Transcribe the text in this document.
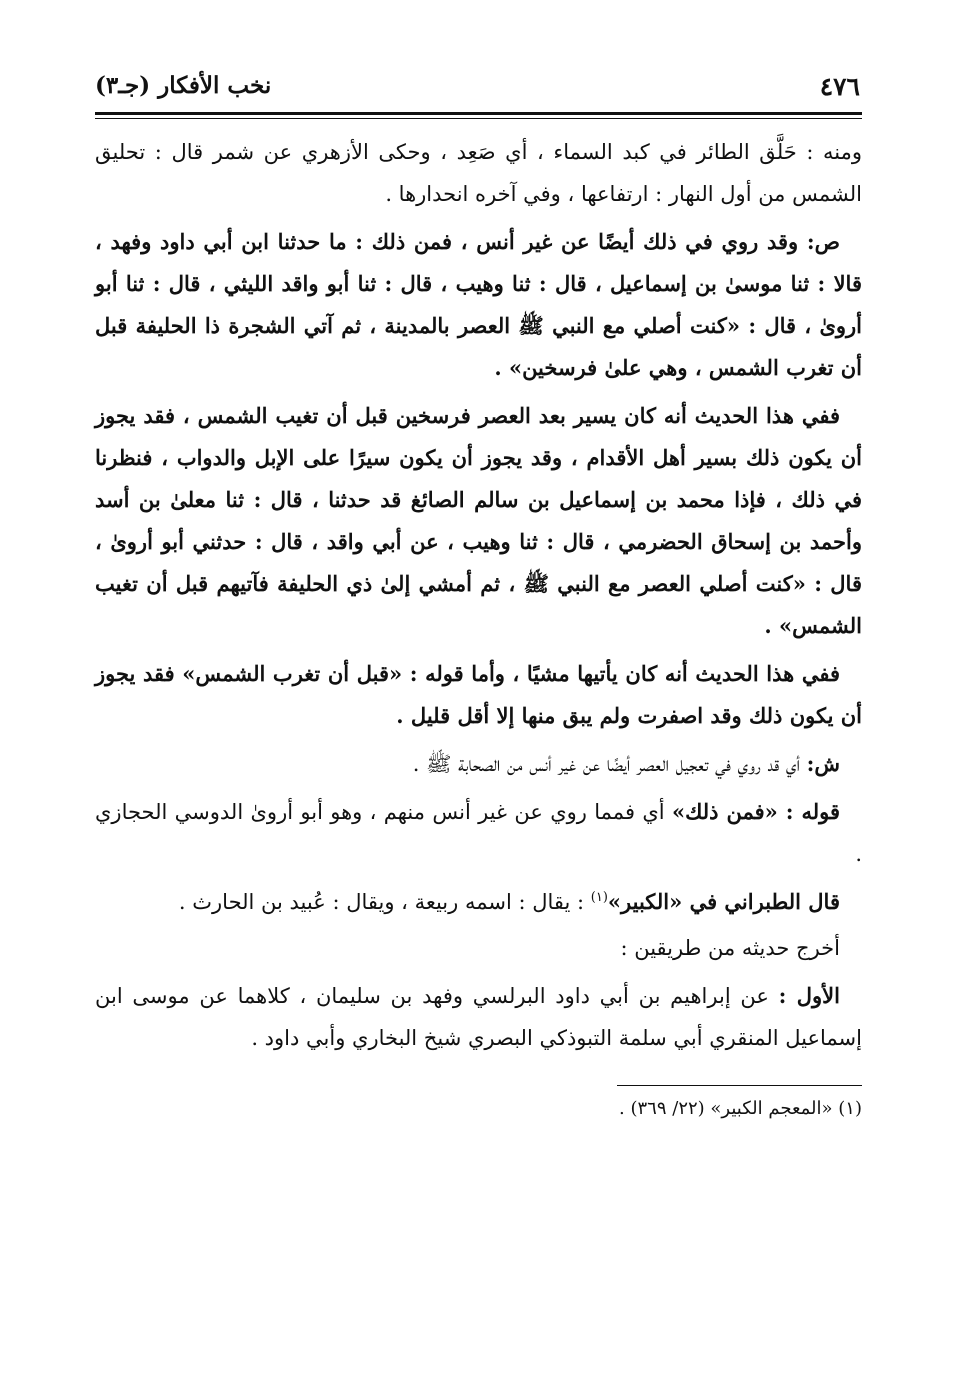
٤٧٦
نخب الأفكار (جـ٣)

ومنه : حَلَّق الطائر في كبد السماء ، أي صَعِد ، وحكى الأزهري عن شمر قال : تحليق الشمس من أول النهار : ارتفاعها ، وفي آخره انحدارها .

ص: وقد روي في ذلك أيضًا عن غير أنس ، فمن ذلك : ما حدثنا ابن أبي داود وفهد ، قالا : ثنا موسىٰ بن إسماعيل ، قال : ثنا وهيب ، قال : ثنا أبو واقد الليثي ، قال : ثنا أبو أروىٰ ، قال : «كنت أصلي مع النبي ﷺ العصر بالمدينة ، ثم آتي الشجرة ذا الحليفة قبل أن تغرب الشمس ، وهي علىٰ فرسخين» .

ففي هذا الحديث أنه كان يسير بعد العصر فرسخين قبل أن تغيب الشمس ، فقد يجوز أن يكون ذلك بسير أهل الأقدام ، وقد يجوز أن يكون سيرًا على الإبل والدواب ، فنظرنا في ذلك ، فإذا محمد بن إسماعيل بن سالم الصائغ قد حدثنا ، قال : ثنا معلىٰ بن أسد وأحمد بن إسحاق الحضرمي ، قال : ثنا وهيب ، عن أبي واقد ، قال : حدثني أبو أروىٰ ، قال : «كنت أصلي العصر مع النبي ﷺ ، ثم أمشي إلىٰ ذي الحليفة فآتيهم قبل أن تغيب الشمس» .

ففي هذا الحديث أنه كان يأتيها مشيًا ، وأما قوله : «قبل أن تغرب الشمس» فقد يجوز أن يكون ذلك وقد اصفرت ولم يبق منها إلا أقل قليل .

ش: أي قد روي في تعجيل العصر أيضًا عن غير أنس من الصحابة ﷺ .

قوله : «فمن ذلك» أي فمما روي عن غير أنس منهم ، وهو أبو أروىٰ الدوسي الحجازي .

قال الطبراني في «الكبير»$^{(١)}$ : يقال : اسمه ربيعة ، ويقال : عُبيد بن الحارث .

أخرج حديثه من طريقين :

الأول : عن إبراهيم بن أبي داود البرلسي وفهد بن سليمان ، كلاهما عن موسى ابن إسماعيل المنقري أبي سلمة التبوذكي البصري شيخ البخاري وأبي داود .

(١) «المعجم الكبير» (٢٢/ ٣٦٩) .
